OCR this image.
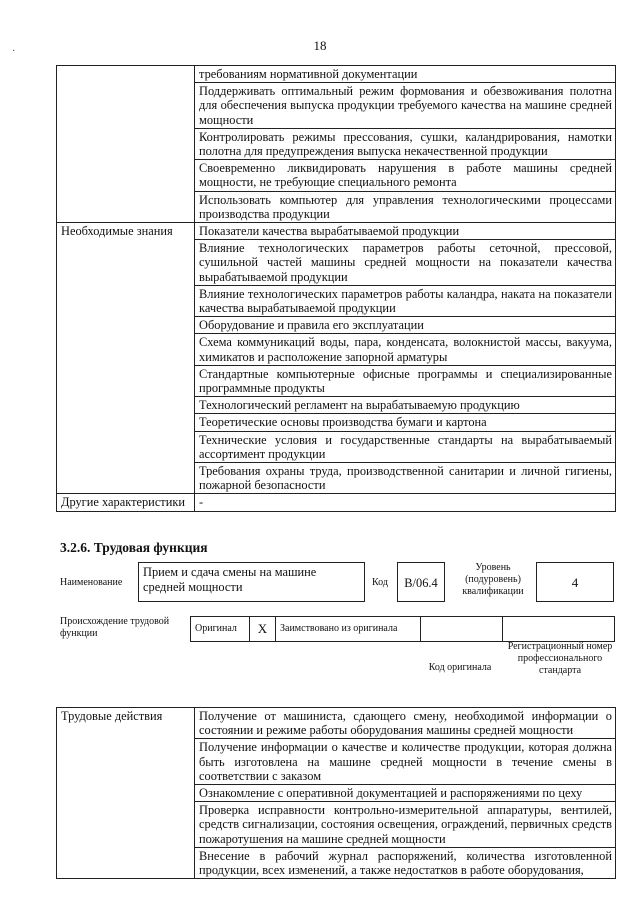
·	18
	требованиям нормативной документации
	Поддерживать оптимальный режим формования и обезвоживания полотна для обеспечения выпуска продукции требуемого качества на машине средней мощности
	Контролировать режимы прессования, сушки, каландрирования, намотки полотна для предупреждения выпуска некачественной продукции
	Своевременно ликвидировать нарушения в работе машины средней мощности, не требующие специального ремонта
	Использовать компьютер для управления технологическими процессами производства продукции
Необходимые знания	Показатели качества вырабатываемой продукции
	Влияние технологических параметров работы сеточной, прессовой, сушильной частей машины средней мощности на показатели качества вырабатываемой продукции
	Влияние технологических параметров работы каландра, наката на показатели качества вырабатываемой продукции
	Оборудование и правила его эксплуатации
	Схема коммуникаций воды, пара, конденсата, волокнистой массы, вакуума, химикатов и расположение запорной арматуры
	Стандартные компьютерные офисные программы и специализированные программные продукты
	Технологический регламент на вырабатываемую продукцию
	Теоретические основы производства бумаги и картона
	Технические условия и государственные стандарты на вырабатываемый ассортимент продукции
	Требования охраны труда, производственной санитарии и личной гигиены, пожарной безопасности
Другие характеристики	-
3.2.6. Трудовая функция
Наименование
Прием и сдача смены на машине средней мощности	Код	В/06.4
Уровень (подуровень) квалификации
4
Происхождение трудовой функции	Оригинал	X	Заимствовано из оригинала
Код оригинала
Регистрационный номер профессионального стандарта
Трудовые действия	Получение от машиниста, сдающего смену, необходимой информации о состоянии и режиме работы оборудования машины средней мощности
Получение информации о качестве и количестве продукции, которая должна быть изготовлена на машине средней мощности в течение смены в соответствии с заказом
Ознакомление с оперативной документацией и распоряжениями по цеху
Проверка исправности контрольно-измерительной аппаратуры, вентилей, средств сигнализации, состояния освещения, ограждений, первичных средств пожаротушения на машине средней мощности
Внесение в рабочий журнал распоряжений, количества изготовленной продукции, всех изменений, а также недостатков в работе оборудования,
